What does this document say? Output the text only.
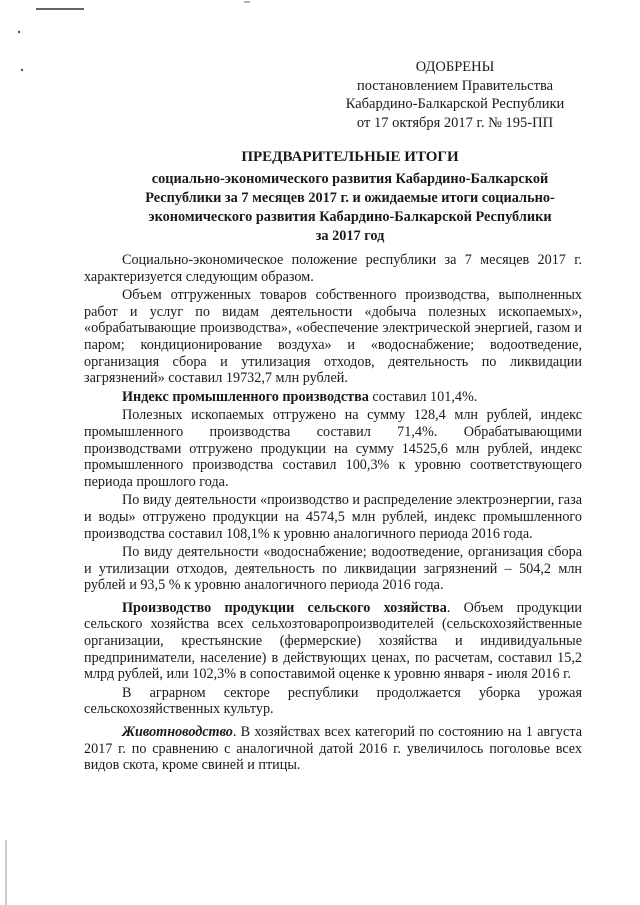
ОДОБРЕНЫ
постановлением Правительства
Кабардино-Балкарской Республики
от 17 октября 2017 г. № 195-ПП
ПРЕДВАРИТЕЛЬНЫЕ ИТОГИ
социально-экономического развития Кабардино-Балкарской
Республики за 7 месяцев 2017 г. и ожидаемые итоги социально-
экономического развития Кабардино-Балкарской Республики
за 2017 год

Социально-экономическое положение республики за 7 месяцев 2017 г. характеризуется следующим образом.

Объем отгруженных товаров собственного производства, выполненных работ и услуг по видам деятельности «добыча полезных ископаемых», «обрабатывающие производства», «обеспечение электрической энергией, газом и паром; кондиционирование воздуха» и «водоснабжение; водоотведение, организация сбора и утилизация отходов, деятельность по ликвидации загрязнений» составил 19732,7 млн рублей.

Индекс промышленного производства составил 101,4%.

Полезных ископаемых отгружено на сумму 128,4 млн рублей, индекс промышленного производства составил 71,4%. Обрабатывающими производствами отгружено продукции на сумму 14525,6 млн рублей, индекс промышленного производства составил 100,3% к уровню соответствующего периода прошлого года.

По виду деятельности «производство и распределение электроэнергии, газа и воды» отгружено продукции на 4574,5 млн рублей, индекс промышленного производства составил 108,1% к уровню аналогичного периода 2016 года.

По виду деятельности «водоснабжение; водоотведение, организация сбора и утилизации отходов, деятельность по ликвидации загрязнений – 504,2 млн рублей и 93,5 % к уровню аналогичного периода 2016 года.

Производство продукции сельского хозяйства. Объем продукции сельского хозяйства всех сельхозтоваропроизводителей (сельскохозяйственные организации, крестьянские (фермерские) хозяйства и индивидуальные предприниматели, население) в действующих ценах, по расчетам, составил 15,2 млрд рублей, или 102,3% в сопоставимой оценке к уровню января - июля 2016 г.

В аграрном секторе республики продолжается уборка урожая сельскохозяйственных культур.

Животноводство. В хозяйствах всех категорий по состоянию на 1 августа 2017 г. по сравнению с аналогичной датой 2016 г. увеличилось поголовье всех видов скота, кроме свиней и птицы.
